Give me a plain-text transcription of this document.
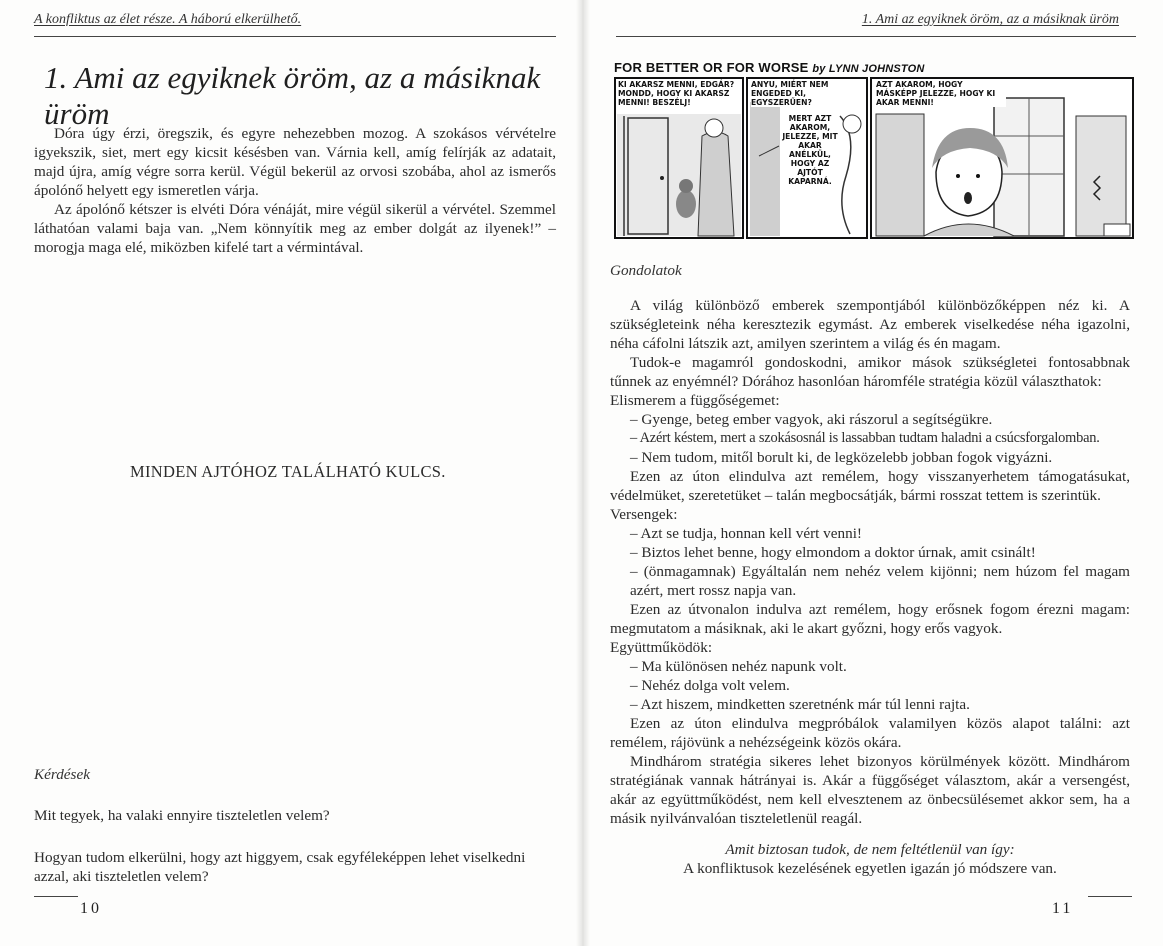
A konfliktus az élet része. A háború elkerülhető.
1. Ami az egyiknek öröm, az a másiknak üröm

Dóra úgy érzi, öregszik, és egyre nehezebben mozog. A szokásos vérvételre igyekszik, siet, mert egy kicsit késésben van. Várnia kell, amíg felírják az adatait, majd újra, amíg végre sorra kerül. Végül bekerül az orvosi szobába, ahol az ismerős ápolónő helyett egy ismeretlen várja.

Az ápolónő kétszer is elvéti Dóra vénáját, mire végül sikerül a vérvétel. Szemmel láthatóan valami baja van. „Nem könnyítik meg az ember dolgát az ilyenek!” – morogja maga elé, miközben kifelé tart a vérmintával.

MINDEN AJTÓHOZ TALÁLHATÓ KULCS.
Kérdések
Mit tegyek, ha valaki ennyire tiszteletlen velem?
Hogyan tudom elkerülni, hogy azt higgyem, csak egyféleképpen lehet viselkedni azzal, aki tiszteletlen velem?
10
1. Ami az egyiknek öröm, az a másiknak üröm
FOR BETTER OR FOR WORSE by LYNN JOHNSTON
KI AKARSZ MENNI, EDGÁR? MONDD, HOGY KI AKARSZ MENNI! BESZÉLJ!
ANYU, MIÉRT NEM ENGEDED KI, EGYSZERŰEN?
MERT AZT AKAROM, JELEZZE, MIT AKAR ANÉLKÜL, HOGY AZ AJTÓT KAPARNÁ.
AZT AKAROM, HOGY MÁSKÉPP JELEZZE, HOGY KI AKAR MENNI!
Gondolatok

A világ különböző emberek szempontjából különbözőképpen néz ki. A szükségleteink néha keresztezik egymást. Az emberek viselkedése néha igazolni, néha cáfolni látszik azt, amilyen szerintem a világ és én magam.

Tudok-e magamról gondoskodni, amikor mások szükségletei fontosabbnak tűnnek az enyémnél? Dórához hasonlóan háromféle stratégia közül választhatok:

Elismerem a függőségemet:

– Gyenge, beteg ember vagyok, aki rászorul a segítségükre.

– Azért késtem, mert a szokásosnál is lassabban tudtam haladni a csúcsforgalomban.

– Nem tudom, mitől borult ki, de legközelebb jobban fogok vigyázni.

Ezen az úton elindulva azt remélem, hogy visszanyerhetem támogatásukat, védelmüket, szeretetüket – talán megbocsátják, bármi rosszat tettem is szerintük.

Versengek:

– Azt se tudja, honnan kell vért venni!

– Biztos lehet benne, hogy elmondom a doktor úrnak, amit csinált!

– (önmagamnak) Egyáltalán nem nehéz velem kijönni; nem húzom fel magam azért, mert rossz napja van.

Ezen az útvonalon indulva azt remélem, hogy erősnek fogom érezni magam: megmutatom a másiknak, aki le akart győzni, hogy erős vagyok.

Együttműködök:

– Ma különösen nehéz napunk volt.

– Nehéz dolga volt velem.

– Azt hiszem, mindketten szeretnénk már túl lenni rajta.

Ezen az úton elindulva megpróbálok valamilyen közös alapot találni: azt remélem, rájövünk a nehézségeink közös okára.

Mindhárom stratégia sikeres lehet bizonyos körülmények között. Mindhárom stratégiának vannak hátrányai is. Akár a függőséget választom, akár a versengést, akár az együttműködést, nem kell elvesztenem az önbecsülésemet akkor sem, ha a másik nyilvánvalóan tiszteletlenül reagál.

Amit biztosan tudok, de nem feltétlenül van így:

A konfliktusok kezelésének egyetlen igazán jó módszere van.

11
